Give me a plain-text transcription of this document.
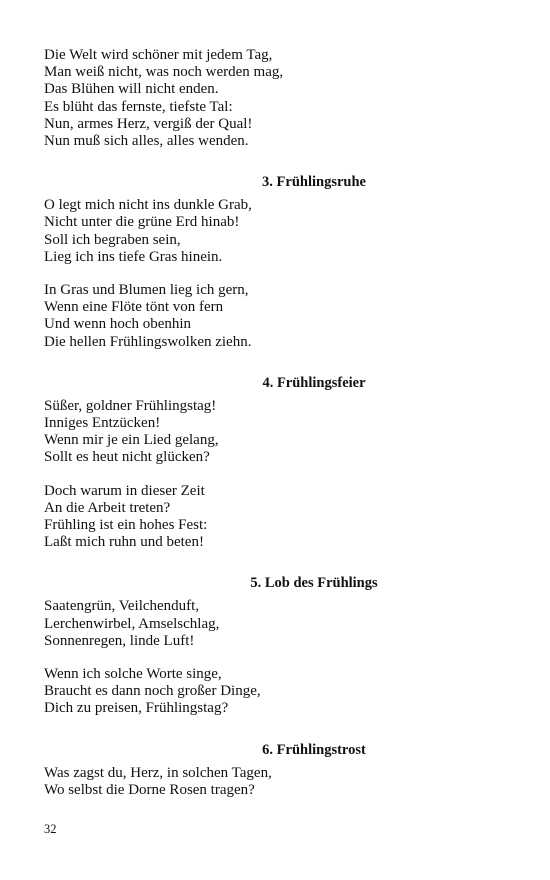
Die Welt wird schöner mit jedem Tag,
Man weiß nicht, was noch werden mag,
Das Blühen will nicht enden.
Es blüht das fernste, tiefste Tal:
Nun, armes Herz, vergiß der Qual!
Nun muß sich alles, alles wenden.
3. Frühlingsruhe
O legt mich nicht ins dunkle Grab,
Nicht unter die grüne Erd hinab!
Soll ich begraben sein,
Lieg ich ins tiefe Gras hinein.
In Gras und Blumen lieg ich gern,
Wenn eine Flöte tönt von fern
Und wenn hoch obenhin
Die hellen Frühlingswolken ziehn.
4. Frühlingsfeier
Süßer, goldner Frühlingstag!
Inniges Entzücken!
Wenn mir je ein Lied gelang,
Sollt es heut nicht glücken?
Doch warum in dieser Zeit
An die Arbeit treten?
Frühling ist ein hohes Fest:
Laßt mich ruhn und beten!
5. Lob des Frühlings
Saatengrün, Veilchenduft,
Lerchenwirbel, Amselschlag,
Sonnenregen, linde Luft!
Wenn ich solche Worte singe,
Braucht es dann noch großer Dinge,
Dich zu preisen, Frühlingstag?
6. Frühlingstrost
Was zagst du, Herz, in solchen Tagen,
Wo selbst die Dorne Rosen tragen?
32
